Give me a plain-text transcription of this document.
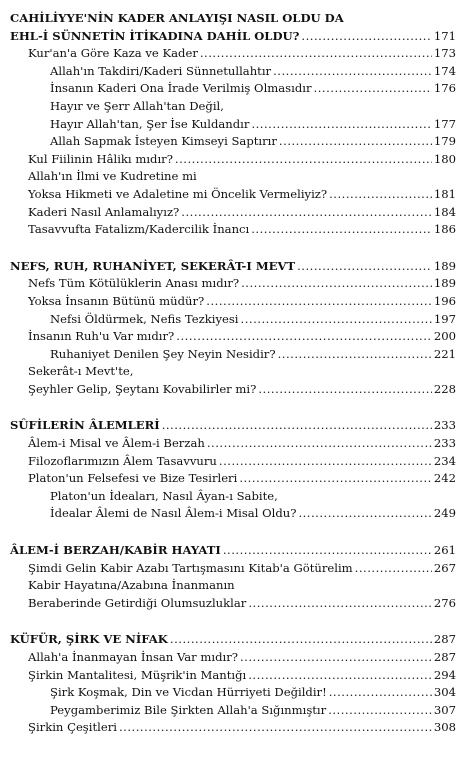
CAHİLİYYE'NİN KADER ANLAYIŞI NASIL OLDU DA
EHL-İ SÜNNETİN İTİKADINA DAHİL OLDU? .....	171
Kur'an'a Göre Kaza ve Kader .....	173
Allah'ın Takdiri/Kaderi Sünnetullahtır .....	174
İnsanın Kaderi Ona İrade Verilmiş Olmasıdır .....	176
Hayır ve Şerr Allah'tan Değil,
Hayır Allah'tan, Şer İse Kuldandır .....	177
Allah Sapmak İsteyen Kimseyi Saptırır .....	179
Kul Fiilinin Hâlikı mıdır? .....	180
Allah'ın İlmi ve Kudretine mi
Yoksa Hikmeti ve Adaletine mi Öncelik Vermeliyiz? .....	181
Kaderi Nasıl Anlamalıyız? .....	184
Tasavvufta Fatalizm/Kadercilik İnancı .....	186
NEFS, RUH, RUHANİYET, SEKERÂT-I MEVT .....	189
Nefs Tüm Kötülüklerin Anası mıdır? .....	189
Yoksa İnsanın Bütünü müdür? .....	196
Nefsi Öldürmek, Nefis Tezkiyesi .....	197
İnsanın Ruh'u Var mıdır? .....	200
Ruhaniyet Denilen Şey Neyin Nesidir? .....	221
Sekerât-ı Mevt'te,
Şeyhler Gelip, Şeytanı Kovabilirler mi? .....	228
SÛFİLERİN ÂLEMLERİ .....	233
Âlem-i Misal ve Âlem-i Berzah .....	233
Filozoflarımızın Âlem Tasavvuru .....	234
Platon'un Felsefesi ve Bize Tesirleri .....	242
Platon'un İdeaları, Nasıl Âyan-ı Sabite,
İdealar Âlemi de Nasıl Âlem-i Misal Oldu? .....	249
ÂLEM-İ BERZAH/KABİR HAYATI .....	261
Şimdi Gelin Kabir Azabı Tartışmasını Kitab'a Götürelim .....	267
Kabir Hayatına/Azabına İnanmanın
Beraberinde Getirdiği Olumsuzluklar .....	276
KÜFÜR, ŞİRK VE NİFAK .....	287
Allah'a İnanmayan İnsan Var mıdır? .....	287
Şirkin Mantalitesi, Müşrik'in Mantığı .....	294
Şirk Koşmak, Din ve Vicdan Hürriyeti Değildir! .....	304
Peygamberimiz Bile Şirkten Allah'a Sığınmıştır .....	307
Şirkin Çeşitleri .....	308
